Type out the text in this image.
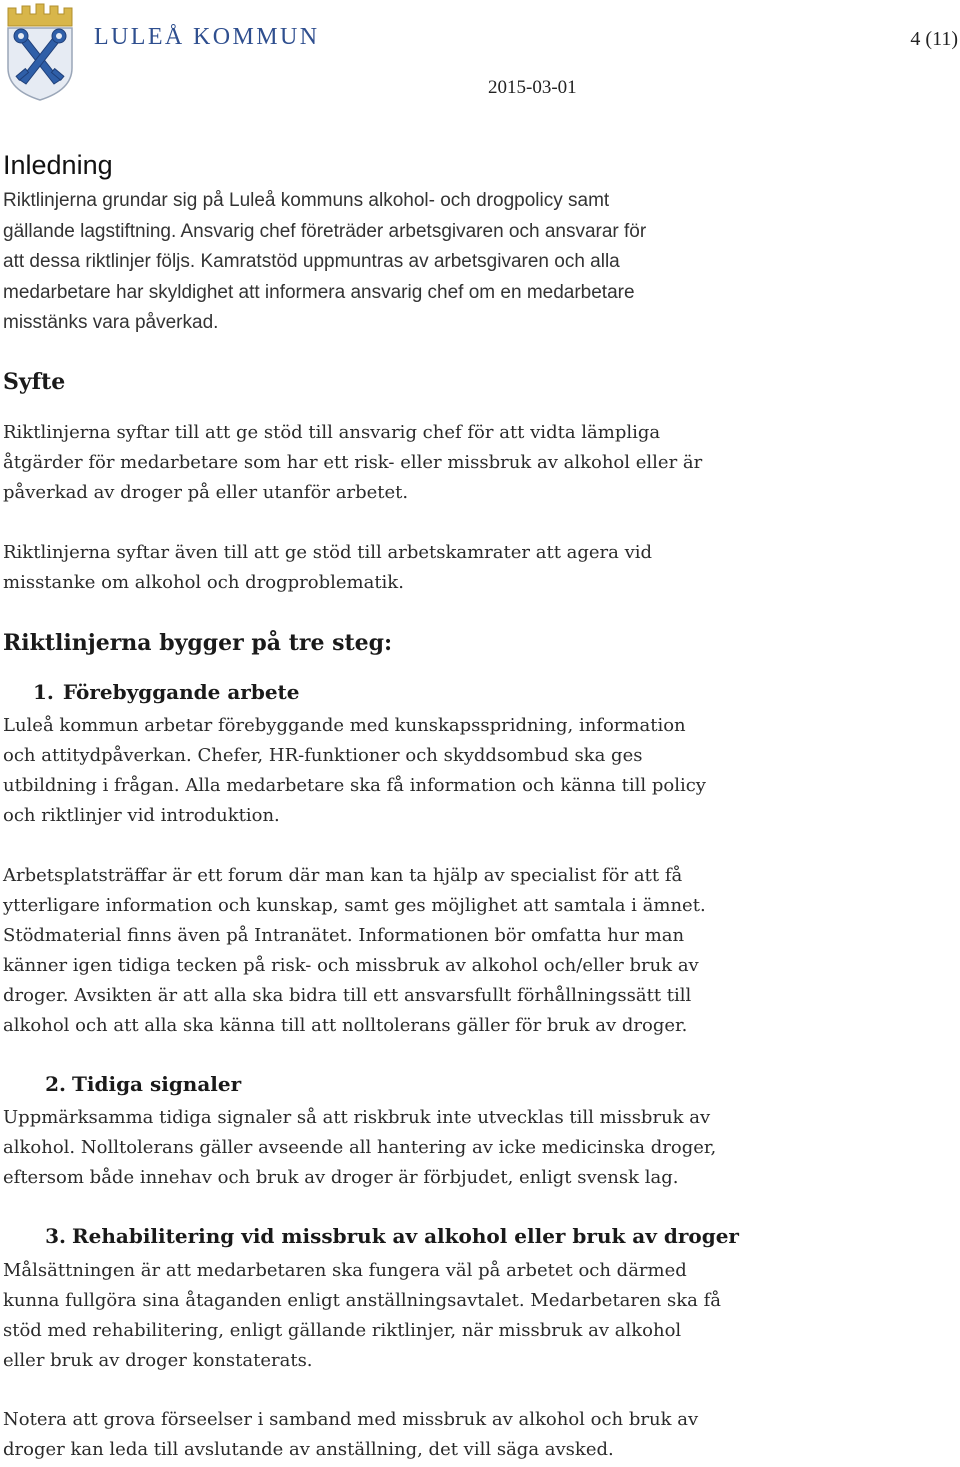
LULEÅ KOMMUN	4 (11)
2015-03-01
Inledning
Riktlinjerna grundar sig på Luleå kommuns alkohol- och drogpolicy samt
gällande lagstiftning. Ansvarig chef företräder arbetsgivaren och ansvarar för
att dessa riktlinjer följs. Kamratstöd uppmuntras av arbetsgivaren och alla
medarbetare har skyldighet att informera ansvarig chef om en medarbetare
misstänks vara påverkad.
Syfte
Riktlinjerna syftar till att ge stöd till ansvarig chef för att vidta lämpliga
åtgärder för medarbetare som har ett risk- eller missbruk av alkohol eller är
påverkad av droger på eller utanför arbetet.
Riktlinjerna syftar även till att ge stöd till arbetskamrater att agera vid
misstanke om alkohol och drogproblematik.
Riktlinjerna bygger på tre steg:
1. Förebyggande arbete
Luleå kommun arbetar förebyggande med kunskapsspridning, information
och attitydpåverkan. Chefer, HR-funktioner och skyddsombud ska ges
utbildning i frågan. Alla medarbetare ska få information och känna till policy
och riktlinjer vid introduktion.
Arbetsplatsträffar är ett forum där man kan ta hjälp av specialist för att få
ytterligare information och kunskap, samt ges möjlighet att samtala i ämnet.
Stödmaterial finns även på Intranätet. Informationen bör omfatta hur man
känner igen tidiga tecken på risk- och missbruk av alkohol och/eller bruk av
droger. Avsikten är att alla ska bidra till ett ansvarsfullt förhållningssätt till
alkohol och att alla ska känna till att nolltolerans gäller för bruk av droger.
2. Tidiga signaler
Uppmärksamma tidiga signaler så att riskbruk inte utvecklas till missbruk av
alkohol. Nolltolerans gäller avseende all hantering av icke medicinska droger,
eftersom både innehav och bruk av droger är förbjudet, enligt svensk lag.
3. Rehabilitering vid missbruk av alkohol eller bruk av droger
Målsättningen är att medarbetaren ska fungera väl på arbetet och därmed
kunna fullgöra sina åtaganden enligt anställningsavtalet. Medarbetaren ska få
stöd med rehabilitering, enligt gällande riktlinjer, när missbruk av alkohol
eller bruk av droger konstaterats.
Notera att grova förseelser i samband med missbruk av alkohol och bruk av
droger kan leda till avslutande av anställning, det vill säga avsked.
